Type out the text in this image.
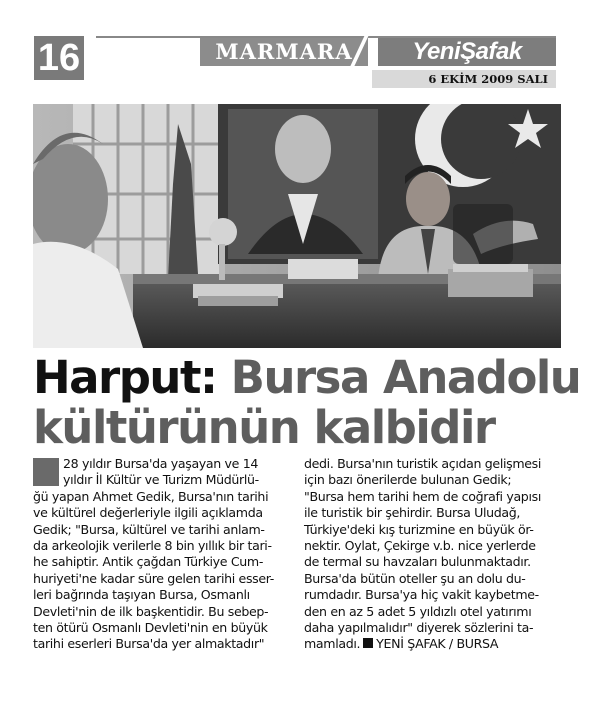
16	MARMARA	YeniŞafak
6 EKİM 2009 SALI
Harput: Bursa Anadolu
kültürünün kalbidir
28 yıldır Bursa'da yaşayan ve 14
yıldır İl Kültür ve Turizm Müdürlü-
ğü yapan Ahmet Gedik, Bursa'nın tarihi
ve kültürel değerleriyle ilgili açıklamda
Gedik; "Bursa, kültürel ve tarihi anlam-
da arkeolojik verilerle 8 bin yıllık bir tari-
he sahiptir. Antik çağdan Türkiye Cum-
huriyeti'ne kadar süre gelen tarihi esser-
leri bağrında taşıyan Bursa, Osmanlı
Devleti'nin de ilk başkentidir. Bu sebep-
ten ötürü Osmanlı Devleti'nin en büyük
tarihi eserleri Bursa'da yer almaktadır"
dedi. Bursa'nın turistik açıdan gelişmesi
için bazı önerilerde bulunan Gedik;
"Bursa hem tarihi hem de coğrafi yapısı
ile turistik bir şehirdir. Bursa Uludağ,
Türkiye'deki kış turizmine en büyük ör-
nektir. Oylat, Çekirge v.b. nice yerlerde
de termal su havzaları bulunmaktadır.
Bursa'da bütün oteller şu an dolu du-
rumdadır. Bursa'ya hiç vakit kaybetme-
den en az 5 adet 5 yıldızlı otel yatırımı
daha yapılmalıdır" diyerek sözlerini ta-
mamladı. YENİ ŞAFAK / BURSA
